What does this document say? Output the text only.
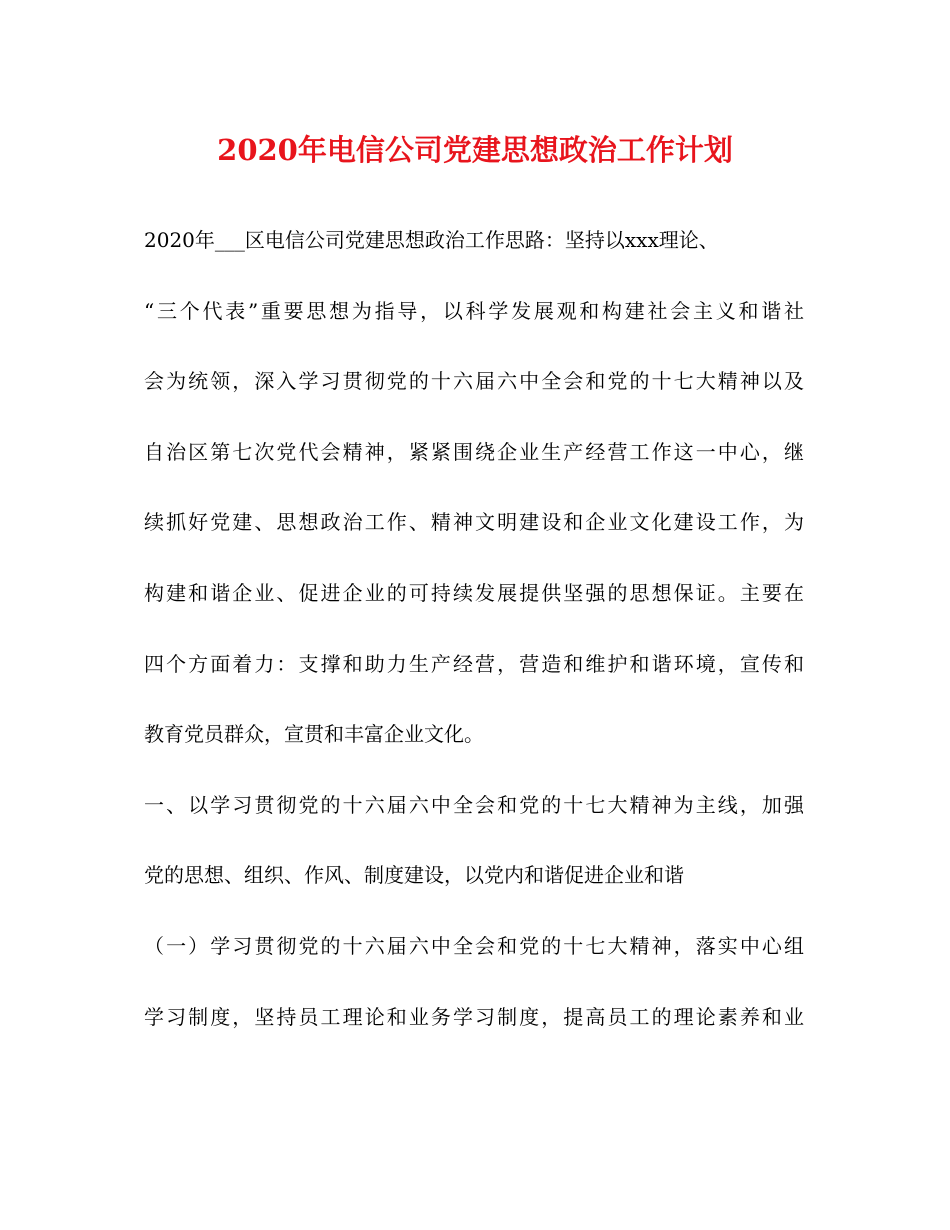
2020年电信公司党建思想政治工作计划

2020年___区电信公司党建思想政治工作思路：坚持以xxx理论、

“三个代表”重要思想为指导，以科学发展观和构建社会主义和谐社

会为统领，深入学习贯彻党的十六届六中全会和党的十七大精神以及

自治区第七次党代会精神，紧紧围绕企业生产经营工作这一中心，继

续抓好党建、思想政治工作、精神文明建设和企业文化建设工作，为

构建和谐企业、促进企业的可持续发展提供坚强的思想保证。主要在

四个方面着力：支撑和助力生产经营，营造和维护和谐环境，宣传和

教育党员群众，宣贯和丰富企业文化。

一、以学习贯彻党的十六届六中全会和党的十七大精神为主线，加强

党的思想、组织、作风、制度建设，以党内和谐促进企业和谐

（一）学习贯彻党的十六届六中全会和党的十七大精神，落实中心组

学习制度，坚持员工理论和业务学习制度，提高员工的理论素养和业
